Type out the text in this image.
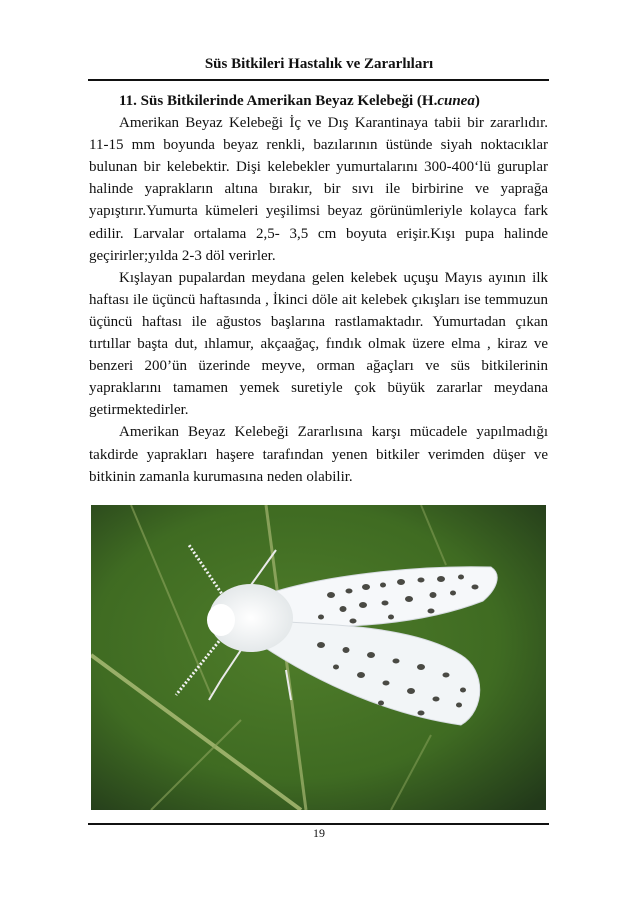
Süs Bitkileri Hastalık ve Zararlıları

11. Süs Bitkilerinde Amerikan Beyaz Kelebeği (H.cunea)

Amerikan Beyaz Kelebeği İç ve Dış Karantinaya tabii bir zararlıdır. 11-15 mm boyunda beyaz renkli, bazılarının üstünde siyah noktacıklar bulunan bir kelebektir. Dişi kelebekler yumurtalarını 300-400‘lü guruplar halinde yaprakların altına bırakır, bir sıvı ile birbirine ve yaprağa yapıştırır.Yumurta kümeleri yeşilimsi beyaz görünümleriyle kolayca fark edilir. Larvalar ortalama 2,5- 3,5 cm boyuta erişir.Kışı pupa halinde geçirirler;yılda 2-3 döl verirler.

Kışlayan pupalardan meydana gelen kelebek uçuşu Mayıs ayının ilk haftası ile üçüncü haftasında , İkinci döle ait kelebek çıkışları ise temmuzun üçüncü haftası ile ağustos başlarına rastlamaktadır. Yumurtadan çıkan tırtıllar başta dut, ıhlamur, akçaağaç, fındık olmak üzere elma , kiraz ve benzeri 200’ün üzerinde meyve, orman ağaçları ve süs bitkilerinin yapraklarını tamamen yemek suretiyle çok büyük zararlar meydana getirmektedirler.

Amerikan Beyaz Kelebeği Zararlısına karşı mücadele yapılmadığı takdirde yaprakları haşere tarafından yenen bitkiler verimden düşer ve bitkinin zamanla kurumasına neden olabilir.

19
